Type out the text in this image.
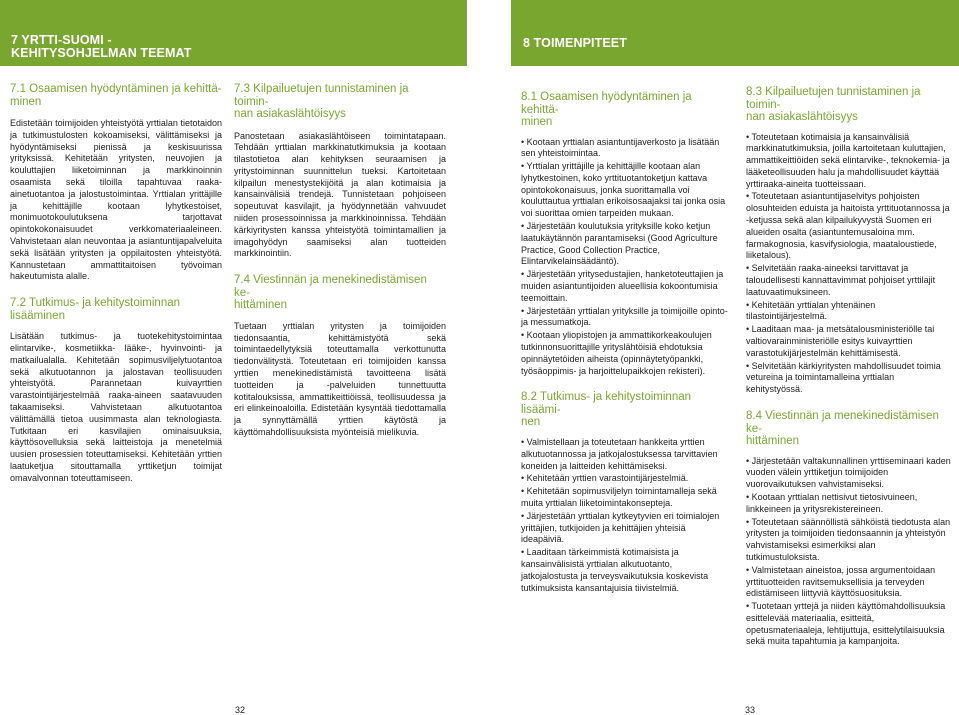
7 YRTTI-SUOMI -
KEHITYSOHJELMAN TEEMAT
8 TOIMENPITEET
7.1 Osaamisen hyödyntäminen ja kehittä-
minen

Edistetään toimijoiden yhteistyötä yrttialan tietotaidon ja tutkimustulosten kokoamiseksi, välittämiseksi ja hyödyntämiseksi pienissä ja keskisuurissa yrityksissä. Kehitetään yritysten, neuvojien ja kouluttajien liiketoiminnan ja markkinoinnin osaamista sekä tiloilla tapahtuvaa raaka-ainetuotantoa ja jalostustoimintaa. Yrttialan yrittäjille ja kehittäjille kootaan lyhytkestoiset, monimuotokoulutuksena tarjottavat opintokokonaisuudet verkkomateriaaleineen. Vahvistetaan alan neuvontaa ja asiantuntijapalveluita sekä lisätään yritysten ja oppilaitosten yhteistyötä. Kannustetaan ammattitaitoisen työvoiman hakeutumista alalle.

7.2 Tutkimus- ja kehitystoiminnan lisääminen

Lisätään tutkimus- ja tuotekehitystoimintaa elintarvike-, kosmetiikka- lääke-, hyvinvointi- ja matkailualalla. Kehitetään sopimusviljelytuotantoa sekä alkutuotannon ja jalostavan teollisuuden yhteistyötä. Parannetaan kuivayrttien varastointijärjestelmää raaka-aineen saatavuuden takaamiseksi. Vahvistetaan alkutuotantoa välittämällä tietoa uusimmasta alan teknologiasta. Tutkitaan eri kasvilajien ominaisuuksia, käyttösovelluksia sekä laitteistoja ja menetelmiä uusien prosessien toteuttamiseksi. Kehitetään yrttien laatuketjua sitouttamalla yrttiketjun toimijat omavalvonnan toteuttamiseen.

7.3 Kilpailuetujen tunnistaminen ja toimin-
nan asiakaslähtöisyys

Panostetaan asiakaslähtöiseen toimintatapaan. Tehdään yrttialan markkinatutkimuksia ja kootaan tilastotietoa alan kehityksen seuraamisen ja yritystoiminnan suunnittelun tueksi. Kartoitetaan kilpailun menestystekijöitä ja alan kotimaisia ja kansainvälisiä trendejä. Tunnistetaan pohjoiseen sopeutuvat kasvilajit, ja hyödynnetään vahvuudet niiden prosessoinnissa ja markkinoinnissa. Tehdään kärkiyritysten kanssa yhteistyötä toimintamallien ja imagohyödyn saamiseksi alan tuotteiden markkinointiin.

7.4 Viestinnän ja menekinedistämisen ke-
hittäminen

Tuetaan yrttialan yritysten ja toimijoiden tiedonsaantia, kehittämistyötä sekä toimintaedellytyksiä toteuttamalla verkottunutta tiedonvälitystä. Toteutetaan eri toimijoiden kanssa yrttien menekinedistämistä tavoitteena lisätä tuotteiden ja -palveluiden tunnettuutta kotitalouksissa, ammattikeittiöissä, teollisuudessa ja eri elinkeinoaloilla. Edistetään kysyntää tiedottamalla ja synnyttämällä yrttien käytöstä ja käyttömahdollisuuksista myönteisiä mielikuvia.

8.1 Osaamisen hyödyntäminen ja kehittä-
minen
• Kootaan yrttialan asiantuntijaverkosto ja lisätään sen yhteistoimintaa.
• Yrttialan yrittäjille ja kehittäjille kootaan alan lyhytkestoinen, koko yrttituotantoketjun kattava opintokokonaisuus, jonka suorittamalla voi kouluttautua yrttialan erikoisosaajaksi tai jonka osia voi suorittaa omien tarpeiden mukaan.
• Järjestetään koulutuksia yrityksille koko ketjun laatukäytännön parantamiseksi (Good Agriculture Practice, Good Collection Practice, Elintarvikelainsäädäntö).
• Järjestetään yritysedustajien, hanketoteuttajien ja muiden asiantuntijoiden alueellisia kokoontumisia teemoittain.
• Järjestetään yrttialan yrityksille ja toimijoille opinto- ja messumatkoja.
• Kootaan yliopistojen ja ammattikorkeakoulujen tutkinnonsuorittajille yrityslähtöisiä ehdotuksia opinnäytetöiden aiheista (opinnäytetyöpankki, työsäoppimis- ja harjoittelupaikkojen rekisteri).
8.2 Tutkimus- ja kehitystoiminnan lisäämi-
nen
• Valmistellaan ja toteutetaan hankkeita yrttien alkutuotannossa ja jatkojalostuksessa tarvittavien koneiden ja laitteiden kehittämiseksi.
• Kehitetään yrttien varastointijärjestelmiä.
• Kehitetään sopimusviljelyn toimintamalleja sekä muita yrttialan liiketoimintakonsepteja.
• Järjestetään yrttialan kytkeytyvien eri toimialojen yrittäjien, tutkijoiden ja kehittäjien yhteisiä ideapäiviä.
• Laaditaan tärkeimmistä kotimaisista ja kansainvälisistä yrttialan alkutuotanto, jatkojalostusta ja terveysvaikutuksia koskevista tutkimuksista kansantajuisia tiivistelmiä.
8.3 Kilpailuetujen tunnistaminen ja toimin-
nan asiakaslähtöisyys
• Toteutetaan kotimaisia ja kansainvälisiä markkinatutkimuksia, joilla kartoitetaan kuluttajien, ammattikeittiöiden sekä elintarvike-, teknokemia- ja lääketeollisuuden halu ja mahdollisuudet käyttää yrttiraaka-aineita tuotteissaan.
• Toteutetaan asiantuntijaselvitys pohjoisten olosuhteiden eduista ja haitoista yrttituotannossa ja -ketjussa sekä alan kilpailukyvystä Suomen eri alueiden osalta (asiantuntemusaloina mm. farmakognosia, kasvifysiologia, maataloustiede, liiketalous).
• Selvitetään raaka-aineeksi tarvittavat ja taloudellisesti kannattavimmat pohjoiset yrttilajit laatuvaatimuksineen.
• Kehitetään yrttialan yhtenäinen tilastointijärjestelmä.
• Laaditaan maa- ja metsätalousministeriölle tai valtiovarainministeriölle esitys kuivayrttien varastotukijärjestelmän kehittämisestä.
• Selvitetään kärkiyritysten mahdollisuudet toimia vetureina ja toimintamalleina yrttialan kehitystyössä.
8.4 Viestinnän ja menekinedistämisen ke-
hittäminen
• Järjestetään valtakunnallinen yrttiseminaari kaden vuoden välein yrttiketjun toimijoiden vuorovaikutuksen vahvistamiseksi.
• Kootaan yrttialan nettisivut tietosivuineen, linkkeineen ja yritysrekistereineen.
• Toteutetaan säännöllistä sähköistä tiedotusta alan yritysten ja toimijoiden tiedonsaannin ja yhteistyön vahvistamiseksi esimerkiksi alan tutkimustuloksista.
• Valmistetaan aineistoa, jossa argumentoidaan yrttituotteiden ravitsemuksellisia ja terveyden edistämiseen liittyviä käyttösuosituksia.
• Tuotetaan yrttejä ja niiden käyttömahdollisuuksia esittelevää materiaalia, esitteitä, opetusmateriaaleja, lehtijuttuja, esittelytilaisuuksia sekä muita tapahtumia ja kampanjoita.
32	33
